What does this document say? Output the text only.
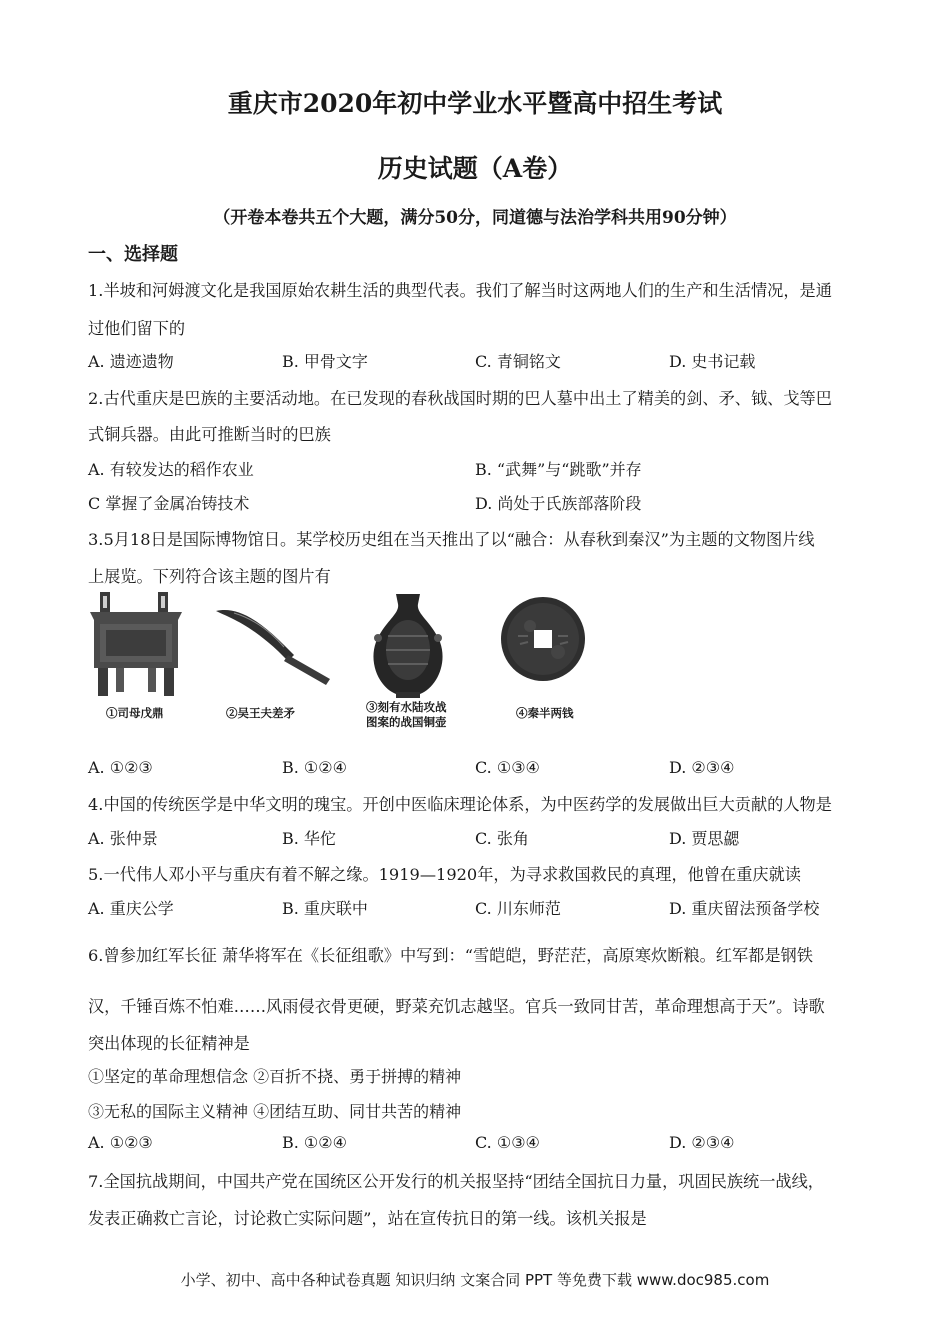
重庆市2020年初中学业水平暨高中招生考试
历史试题（A卷）
（开卷本卷共五个大题，满分50分，同道德与法治学科共用90分钟）
一、选择题
1.半坡和河姆渡文化是我国原始农耕生活的典型代表。我们了解当时这两地人们的生产和生活情况，是通
过他们留下的
A. 遗迹遗物	B. 甲骨文字	C. 青铜铭文	D. 史书记载
2.古代重庆是巴族的主要活动地。在已发现的春秋战国时期的巴人墓中出土了精美的剑、矛、钺、戈等巴
式铜兵器。由此可推断当时的巴族
A. 有较发达的稻作农业	B. “武舞”与“跳歌”并存
C 掌握了金属冶铸技术	D. 尚处于氏族部落阶段
3.5月18日是国际博物馆日。某学校历史组在当天推出了以“融合：从春秋到秦汉”为主题的文物图片线
上展览。下列符合该主题的图片有
①司母戊鼎	②吴王夫差矛	③刻有水陆攻战
图案的战国铜壶
④秦半两钱
A. ①②③	B. ①②④	C. ①③④	D. ②③④
4.中国的传统医学是中华文明的瑰宝。开创中医临床理论体系，为中医药学的发展做出巨大贡献的人物是
A. 张仲景	B. 华佗	C. 张角	D. 贾思勰
5.一代伟人邓小平与重庆有着不解之缘。1919—1920年，为寻求救国救民的真理，他曾在重庆就读
A. 重庆公学	B. 重庆联中	C. 川东师范	D. 重庆留法预备学校
6.曾参加红军长征 萧华将军在《长征组歌》中写到：“雪皑皑，野茫茫，高原寒炊断粮。红军都是钢铁
汉，千锤百炼不怕难……风雨侵衣骨更硬，野菜充饥志越坚。官兵一致同甘苦，革命理想高于天”。诗歌
突出体现的长征精神是
①坚定的革命理想信念 ②百折不挠、勇于拼搏的精神
③无私的国际主义精神 ④团结互助、同甘共苦的精神
A. ①②③	B. ①②④	C. ①③④	D. ②③④
7.全国抗战期间，中国共产党在国统区公开发行的机关报坚持“团结全国抗日力量，巩固民族统一战线，
发表正确救亡言论，讨论救亡实际问题”，站在宣传抗日的第一线。该机关报是
小学、初中、高中各种试卷真题 知识归纳 文案合同 PPT 等免费下载 www.doc985.com
